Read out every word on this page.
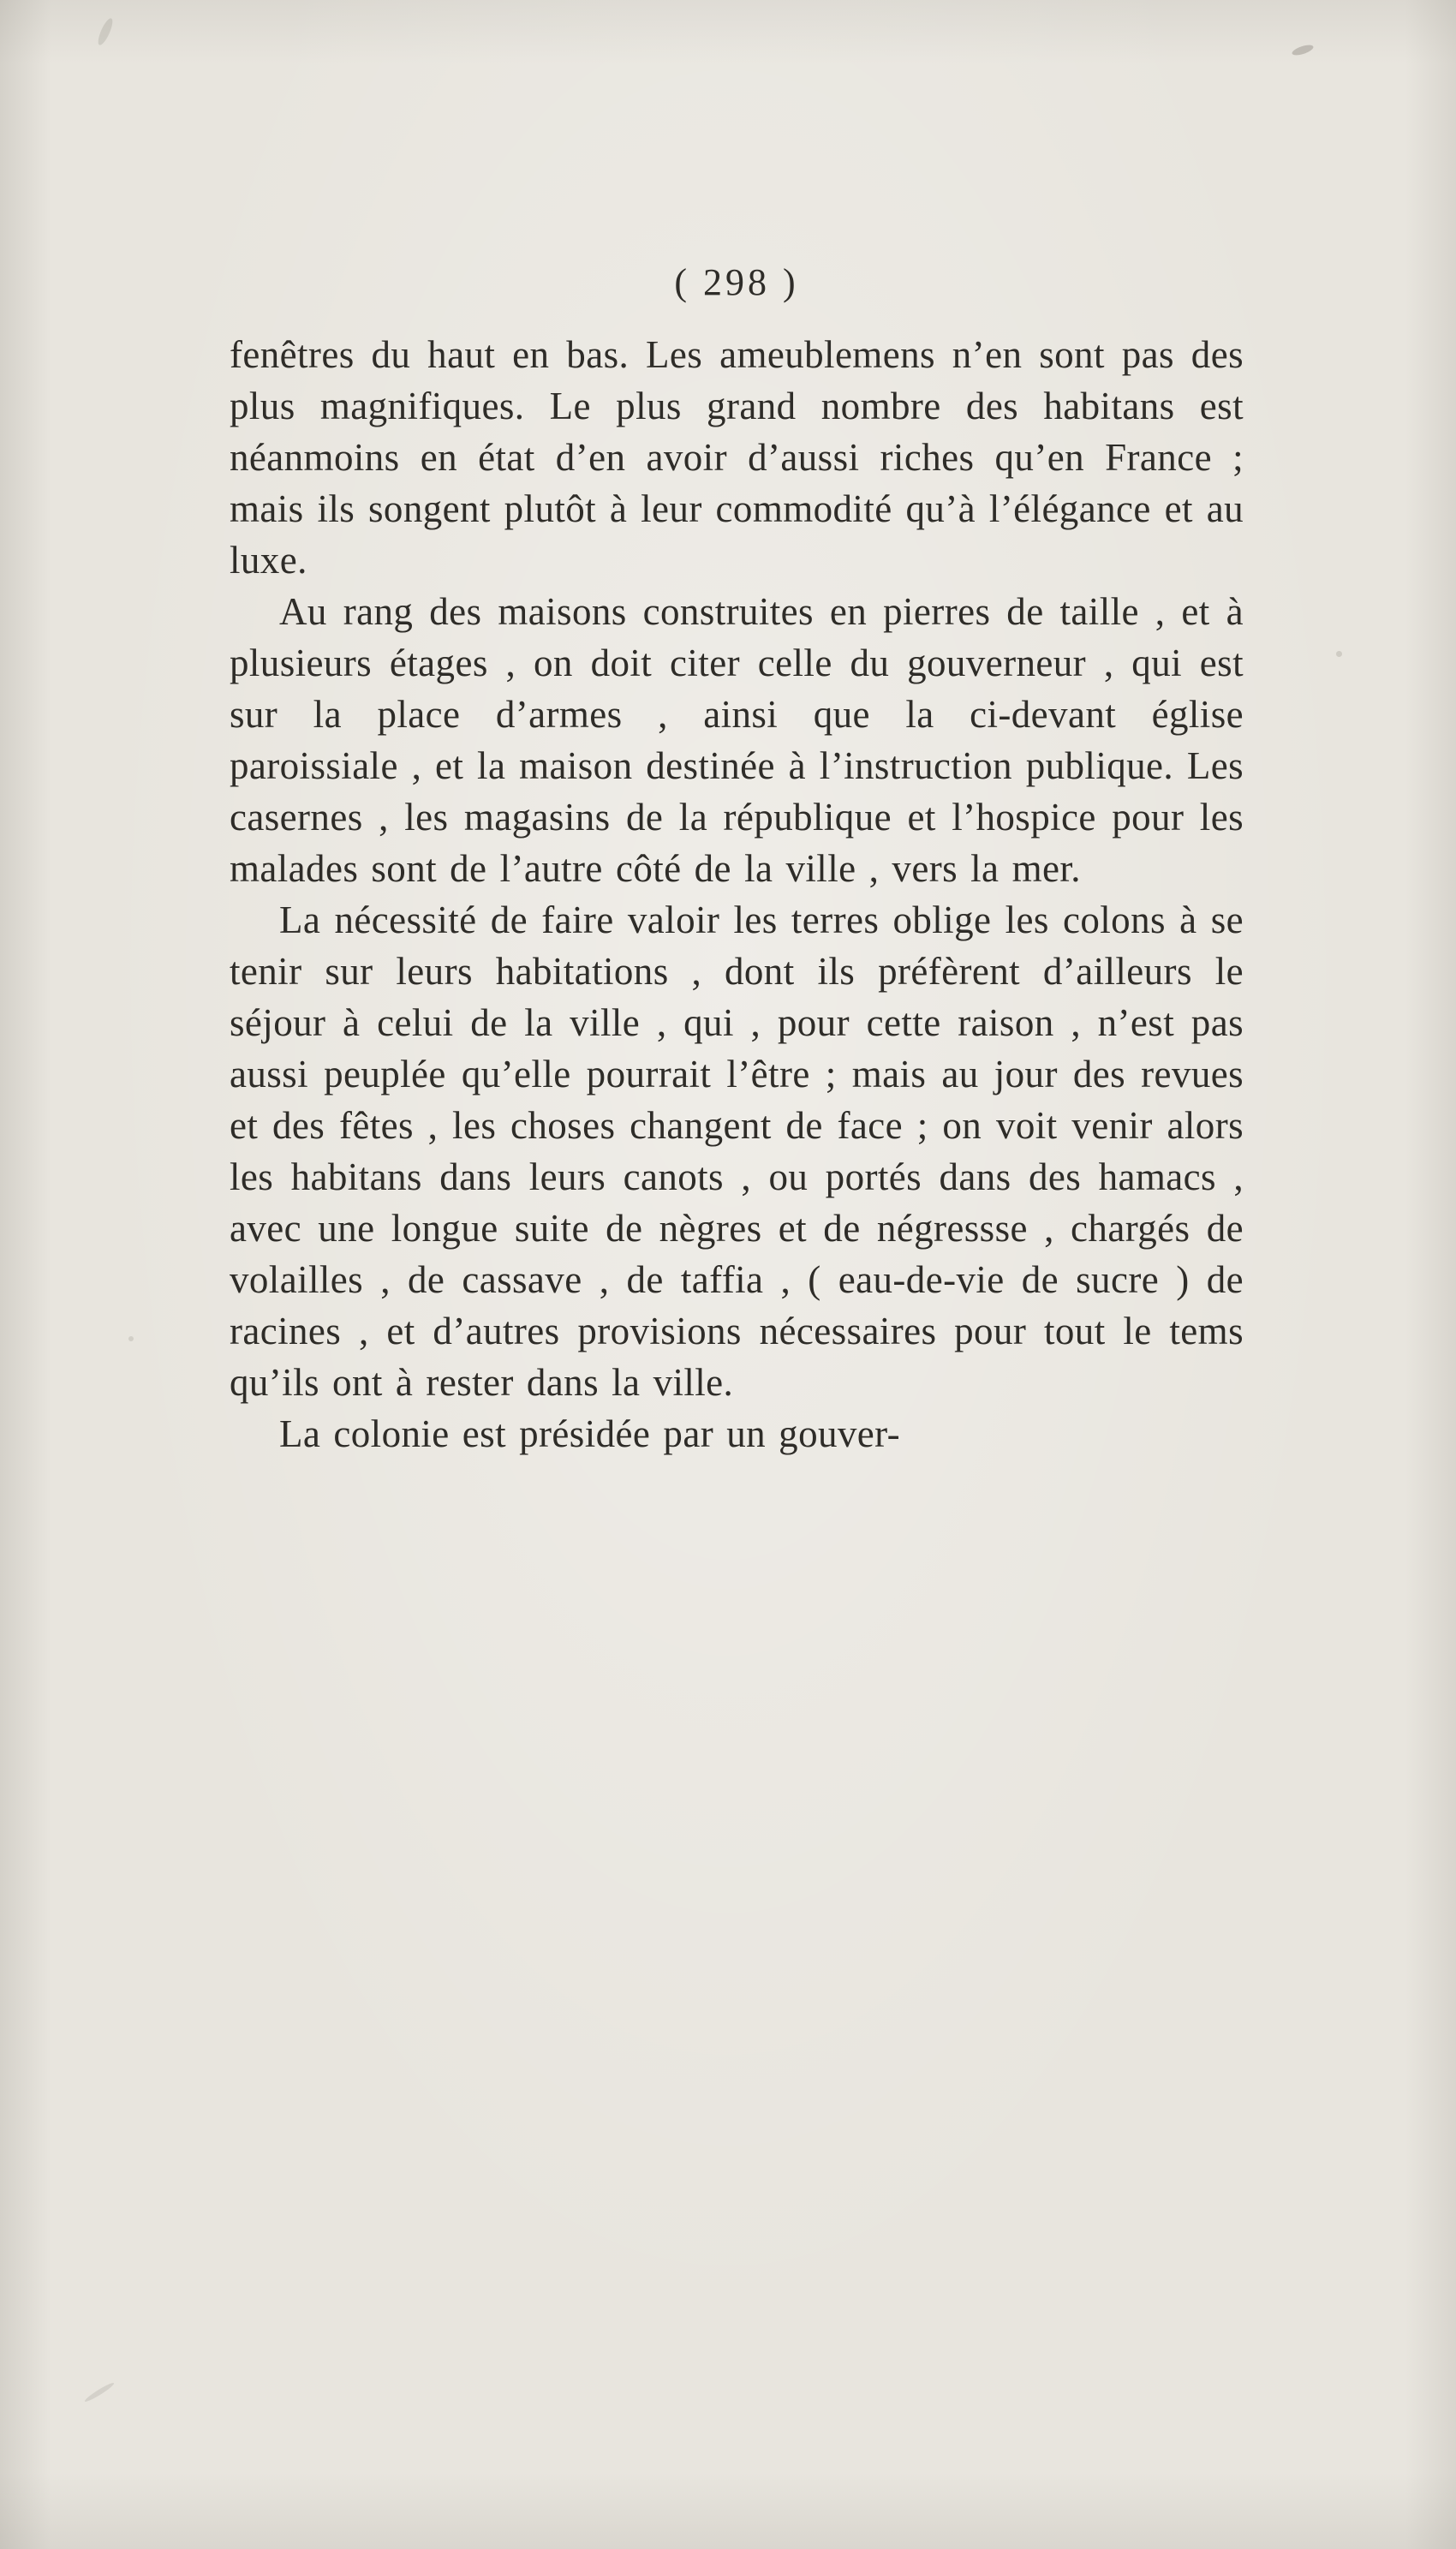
( 298 )

fenêtres du haut en bas. Les ameublemens n’en sont pas des plus magnifiques. Le plus grand nombre des habitans est néanmoins en état d’en avoir d’aussi riches qu’en France ; mais ils songent plutôt à leur commodité qu’à l’élégance et au luxe.

Au rang des maisons construites en pierres de taille , et à plusieurs étages , on doit citer celle du gouverneur , qui est sur la place d’armes , ainsi que la ci-devant église paroissiale , et la maison destinée à l’instruction publique. Les casernes , les magasins de la république et l’hospice pour les malades sont de l’autre côté de la ville , vers la mer.

La nécessité de faire valoir les terres oblige les colons à se tenir sur leurs habitations , dont ils préfèrent d’ailleurs le séjour à celui de la ville , qui , pour cette raison , n’est pas aussi peuplée qu’elle pourrait l’être ; mais au jour des revues et des fêtes , les choses changent de face ; on voit venir alors les habitans dans leurs canots , ou portés dans des hamacs , avec une longue suite de nègres et de négressse , chargés de volailles , de cassave , de taffia , ( eau-de-vie de sucre ) de racines , et d’autres provisions nécessaires pour tout le tems qu’ils ont à rester dans la ville.

La colonie est présidée par un gouver-
